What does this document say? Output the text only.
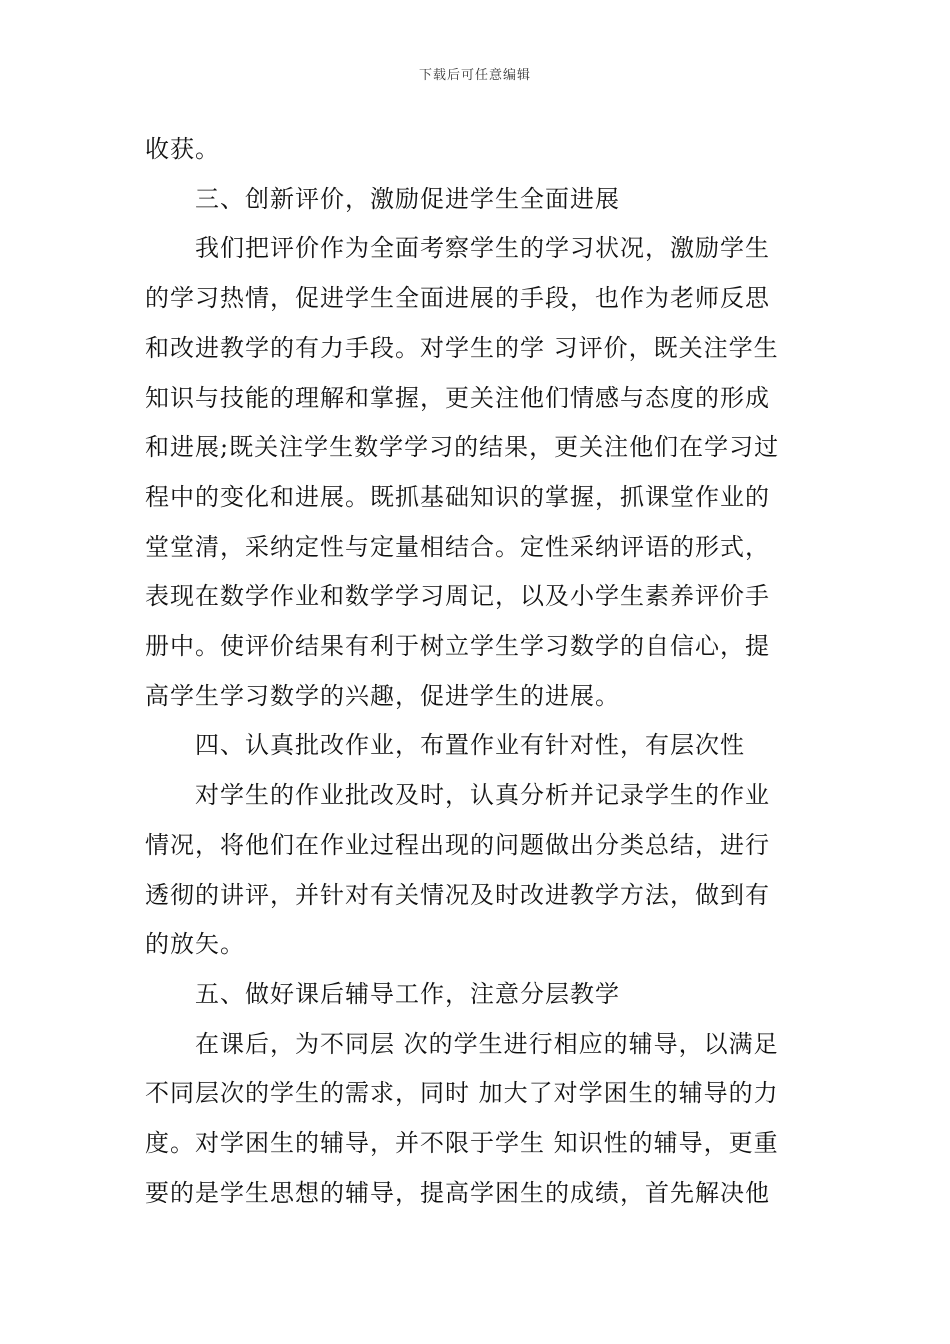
下载后可任意编辑
收获。
三、创新评价，激励促进学生全面进展
我们把评价作为全面考察学生的学习状况，激励学生
的学习热情，促进学生全面进展的手段，也作为老师反思
和改进教学的有力手段。对学生的学 习评价，既关注学生
知识与技能的理解和掌握，更关注他们情感与态度的形成
和进展;既关注学生数学学习的结果，更关注他们在学习过
程中的变化和进展。既抓基础知识的掌握，抓课堂作业的
堂堂清，采纳定性与定量相结合。定性采纳评语的形式，
表现在数学作业和数学学习周记，以及小学生素养评价手
册中。使评价结果有利于树立学生学习数学的自信心，提
高学生学习数学的兴趣，促进学生的进展。
四、认真批改作业，布置作业有针对性，有层次性
对学生的作业批改及时，认真分析并记录学生的作业
情况，将他们在作业过程出现的问题做出分类总结，进行
透彻的讲评，并针对有关情况及时改进教学方法，做到有
的放矢。
五、做好课后辅导工作，注意分层教学
在课后，为不同层 次的学生进行相应的辅导，以满足
不同层次的学生的需求，同时 加大了对学困生的辅导的力
度。对学困生的辅导，并不限于学生 知识性的辅导，更重
要的是学生思想的辅导，提高学困生的成绩，首先解决他
